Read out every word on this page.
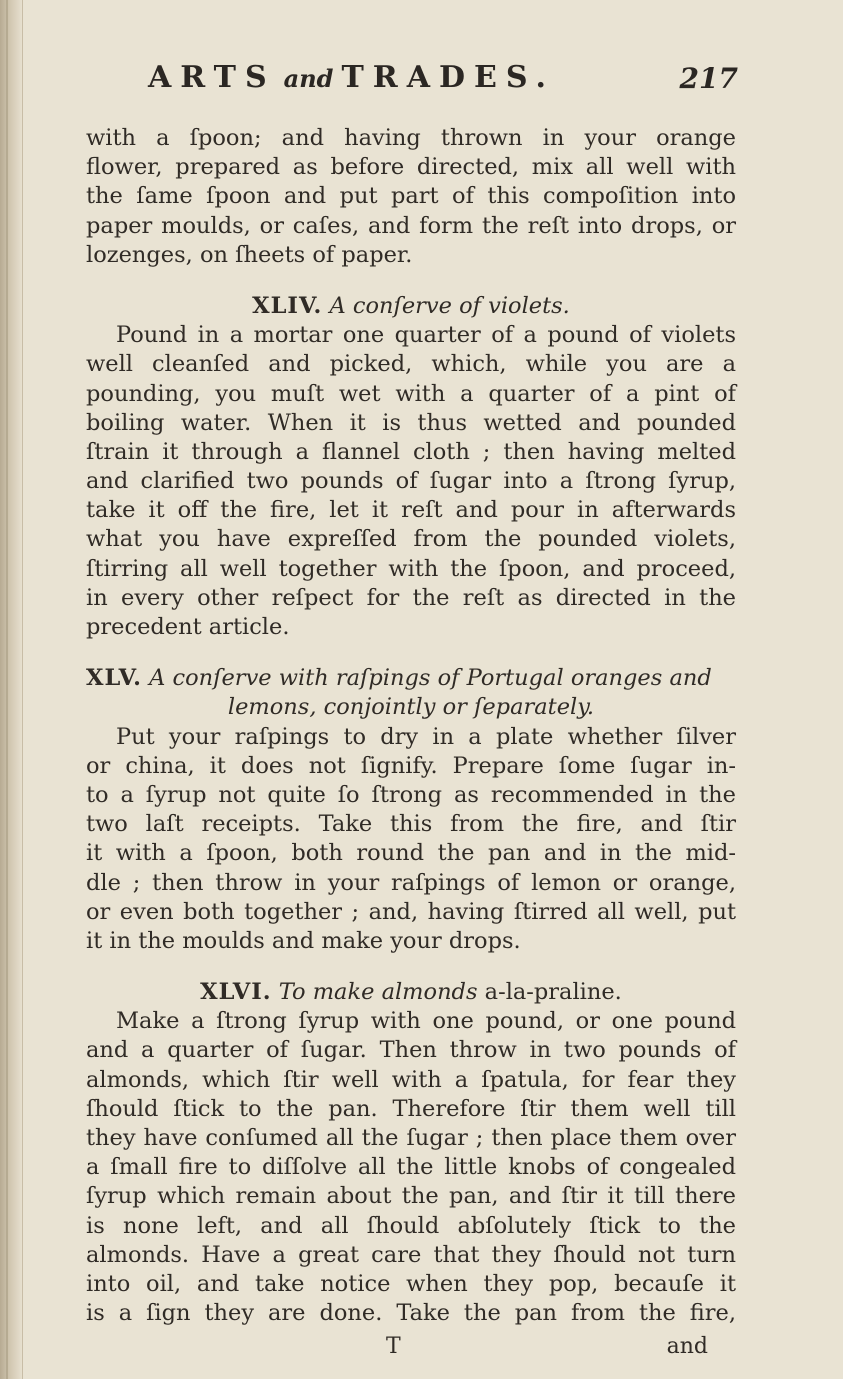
ARTS and TRADES.	217
with a ſpoon; and having thrown in your orange
flower, prepared as before directed, mix all well with
the ſame ſpoon and put part of this compoſition into
paper moulds, or caſes, and form the reſt into drops, or
lozenges, on ſheets of paper.
XLIV. A conſerve of violets.
Pound in a mortar one quarter of a pound of violets
well cleanſed and picked, which, while you are a
pounding, you muſt wet with a quarter of a pint of
boiling water. When it is thus wetted and pounded
ſtrain it through a flannel cloth ; then having melted
and clarified two pounds of ſugar into a ſtrong ſyrup,
take it off the fire, let it reſt and pour in afterwards
what you have expreſſed from the pounded violets,
ſtirring all well together with the ſpoon, and proceed,
in every other reſpect for the reſt as directed in the
precedent article.
XLV. A conſerve with raſpings of Portugal oranges and
lemons, conjointly or ſeparately.
Put your raſpings to dry in a plate whether ſilver
or china, it does not ſignify. Prepare ſome ſugar in-
to a ſyrup not quite ſo ſtrong as recommended in the
two laſt receipts. Take this from the fire, and ſtir
it with a ſpoon, both round the pan and in the mid-
dle ; then throw in your raſpings of lemon or orange,
or even both together ; and, having ſtirred all well, put
it in the moulds and make your drops.
XLVI. To make almonds a-la-praline.
Make a ſtrong ſyrup with one pound, or one pound
and a quarter of ſugar. Then throw in two pounds of
almonds, which ſtir well with a ſpatula, for fear they
ſhould ſtick to the pan. Therefore ſtir them well till
they have conſumed all the ſugar ; then place them over
a ſmall fire to diſſolve all the little knobs of congealed
ſyrup which remain about the pan, and ſtir it till there
is none left, and all ſhould abſolutely ſtick to the
almonds. Have a great care that they ſhould not turn
into oil, and take notice when they pop, becauſe it
is a ſign they are done. Take the pan from the fire,
T	and
